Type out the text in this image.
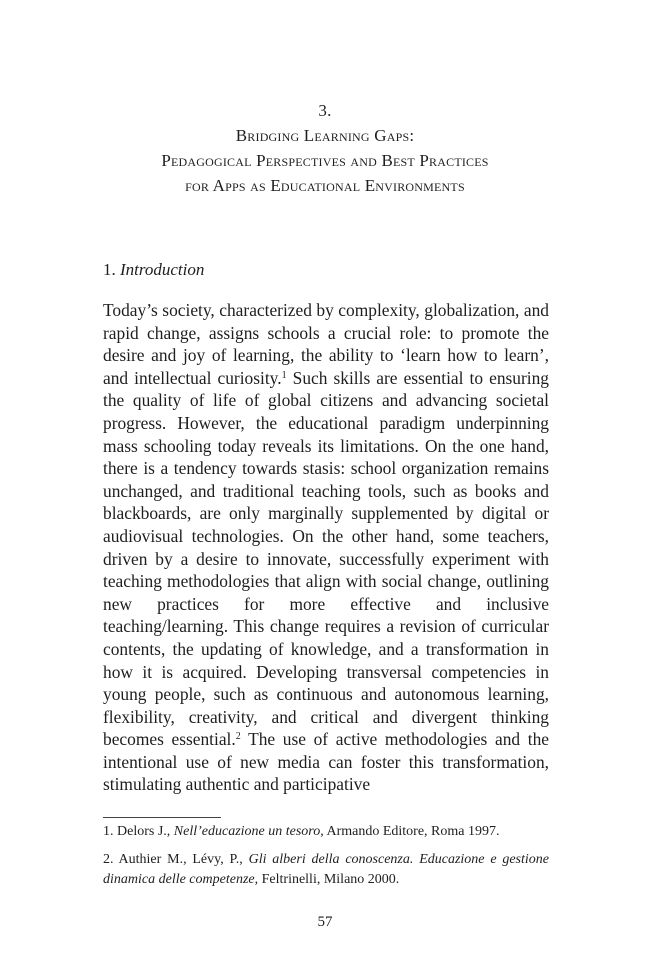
3.
Bridging Learning Gaps:
Pedagogical Perspectives and Best Practices
for Apps as Educational Environments
1. Introduction

Today’s society, characterized by complexity, globalization, and rapid change, assigns schools a crucial role: to promote the desire and joy of learning, the ability to ‘learn how to learn’, and intellectual curiosity.$^1$ Such skills are essential to ensuring the quality of life of global citizens and advancing societal progress. However, the educational paradigm underpinning mass schooling today reveals its limitations. On the one hand, there is a tendency towards stasis: school organization remains unchanged, and traditional teaching tools, such as books and blackboards, are only marginally supplemented by digital or audiovisual technologies. On the other hand, some teachers, driven by a desire to innovate, successfully experiment with teaching methodologies that align with social change, outlining new practices for more effective and inclusive teaching/learning. This change requires a revision of curricular contents, the updating of knowledge, and a transformation in how it is acquired. Developing transversal competencies in young people, such as continuous and autonomous learning, flexibility, creativity, and critical and divergent thinking becomes essential.$^2$ The use of active methodologies and the intentional use of new media can foster this transformation, stimulating authentic and participative

1. Delors J., Nell’educazione un tesoro, Armando Editore, Roma 1997.

2. Authier M., Lévy, P., Gli alberi della conoscenza. Educazione e gestione dinamica delle competenze, Feltrinelli, Milano 2000.

57
